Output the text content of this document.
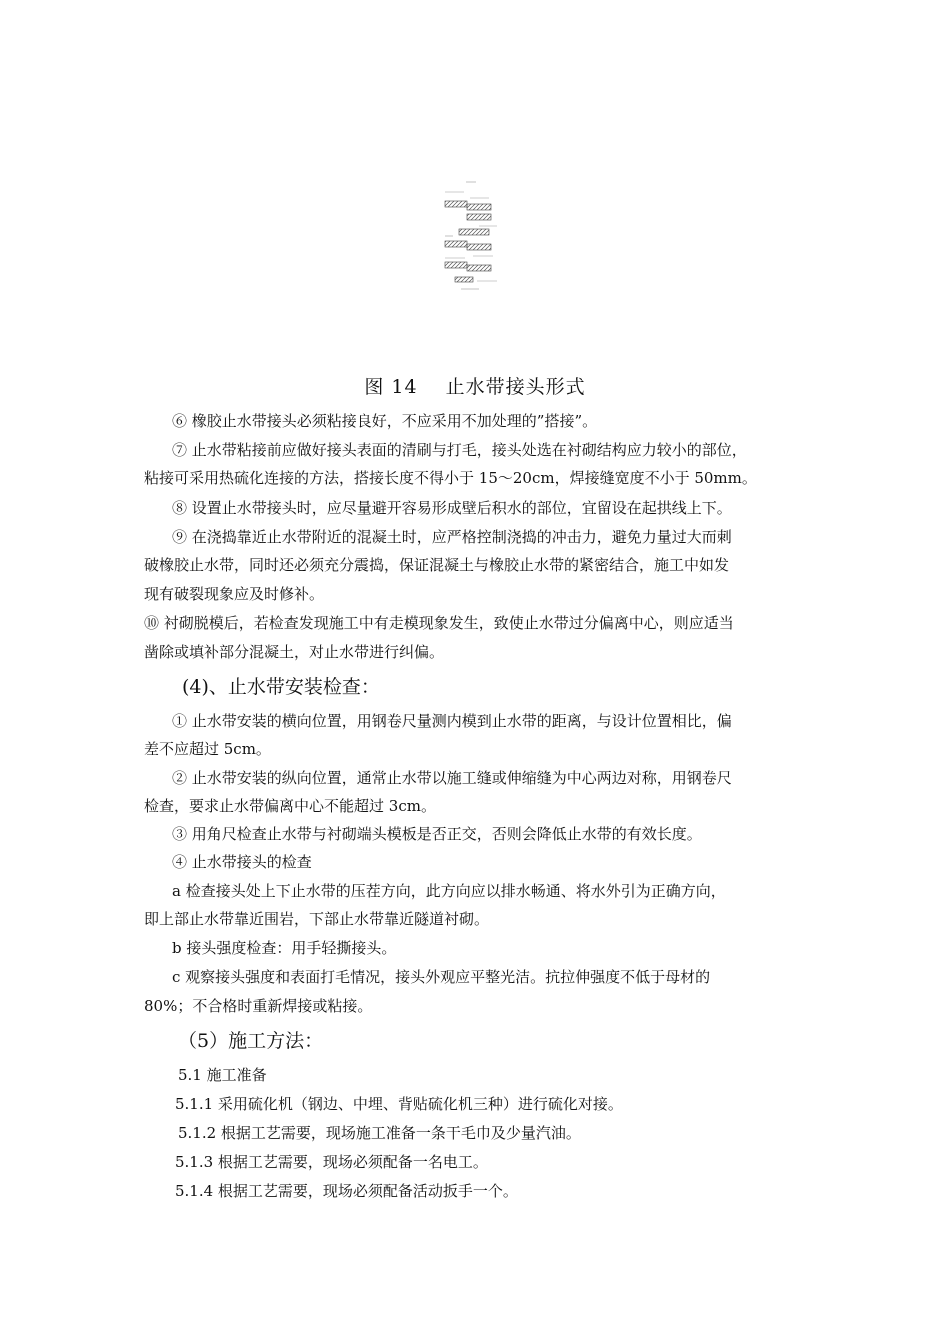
图 14 止水带接头形式
⑥ 橡胶止水带接头必须粘接良好，不应采用不加处理的”搭接”。
⑦ 止水带粘接前应做好接头表面的清刷与打毛，接头处选在衬砌结构应力较小的部位，
粘接可采用热硫化连接的方法，搭接长度不得小于 15～20cm，焊接缝宽度不小于 50mm。
⑧ 设置止水带接头时，应尽量避开容易形成壁后积水的部位，宜留设在起拱线上下。
⑨ 在浇捣靠近止水带附近的混凝土时，应严格控制浇捣的冲击力，避免力量过大而刺
破橡胶止水带，同时还必须充分震捣，保证混凝土与橡胶止水带的紧密结合，施工中如发
现有破裂现象应及时修补。
⑩ 衬砌脱模后，若检查发现施工中有走模现象发生，致使止水带过分偏离中心，则应适当
凿除或填补部分混凝土，对止水带进行纠偏。
(4)、止水带安装检查：
① 止水带安装的横向位置，用钢卷尺量测内模到止水带的距离，与设计位置相比，偏
差不应超过 5cm。
② 止水带安装的纵向位置，通常止水带以施工缝或伸缩缝为中心两边对称，用钢卷尺
检查，要求止水带偏离中心不能超过 3cm。
③ 用角尺检查止水带与衬砌端头模板是否正交，否则会降低止水带的有效长度。
④ 止水带接头的检查
a 检查接头处上下止水带的压茬方向，此方向应以排水畅通、将水外引为正确方向，
即上部止水带靠近围岩，下部止水带靠近隧道衬砌。
b 接头强度检查：用手轻撕接头。
c 观察接头强度和表面打毛情况，接头外观应平整光洁。抗拉伸强度不低于母材的
80%；不合格时重新焊接或粘接。
（5）施工方法：
5.1 施工准备
5.1.1 采用硫化机（钢边、中埋、背贴硫化机三种）进行硫化对接。
5.1.2 根据工艺需要，现场施工准备一条干毛巾及少量汽油。
5.1.3 根据工艺需要，现场必须配备一名电工。
5.1.4 根据工艺需要，现场必须配备活动扳手一个。
